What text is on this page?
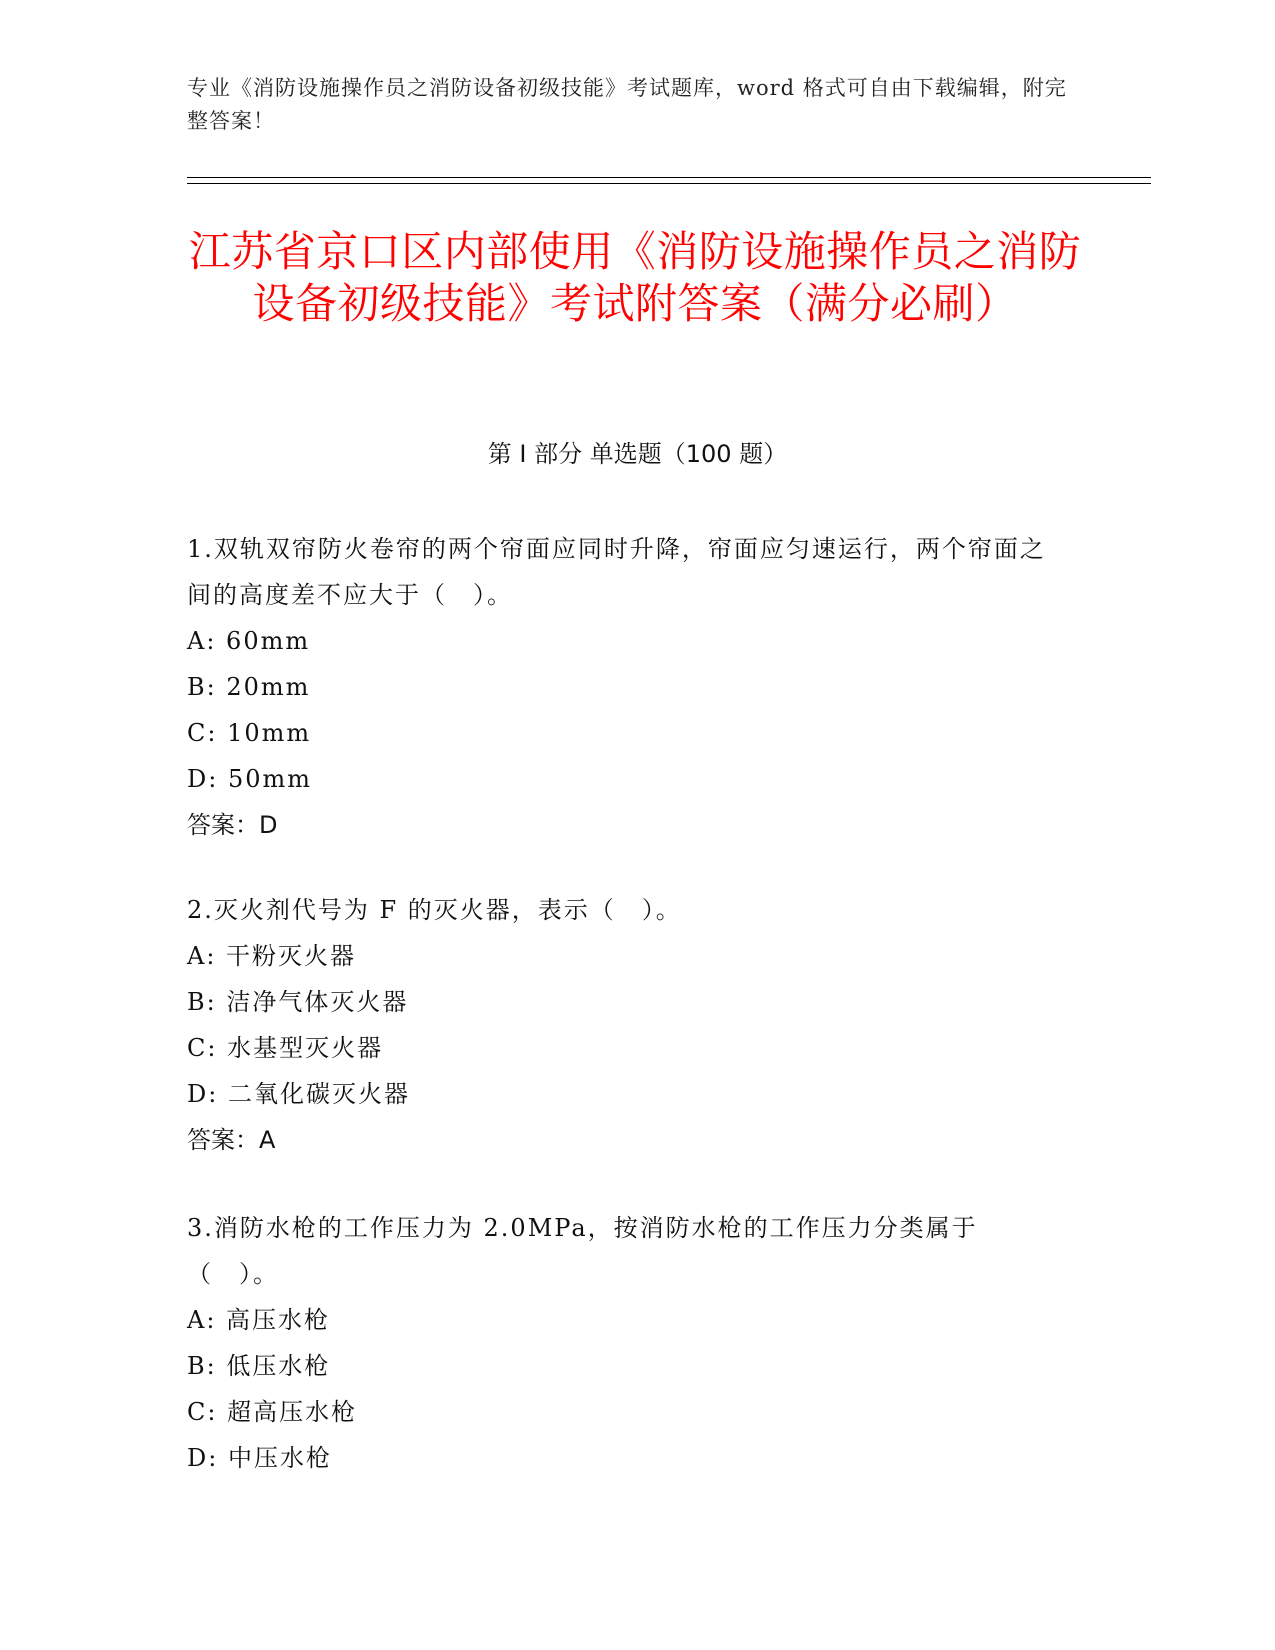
专业《消防设施操作员之消防设备初级技能》考试题库，word 格式可自由下载编辑，附完整答案！
江苏省京口区内部使用《消防设施操作员之消防设备初级技能》考试附答案（满分必刷）
第 I 部分 单选题（100 题）

1.双轨双帘防火卷帘的两个帘面应同时升降，帘面应匀速运行，两个帘面之间的高度差不应大于（　）。

A: 60mm

B: 20mm

C: 10mm

D: 50mm

答案：D

2.灭火剂代号为 F 的灭火器，表示（　）。

A: 干粉灭火器

B: 洁净气体灭火器

C: 水基型灭火器

D: 二氧化碳灭火器

答案：A

3.消防水枪的工作压力为 2.0MPa，按消防水枪的工作压力分类属于（　）。

A: 高压水枪

B: 低压水枪

C: 超高压水枪

D: 中压水枪
